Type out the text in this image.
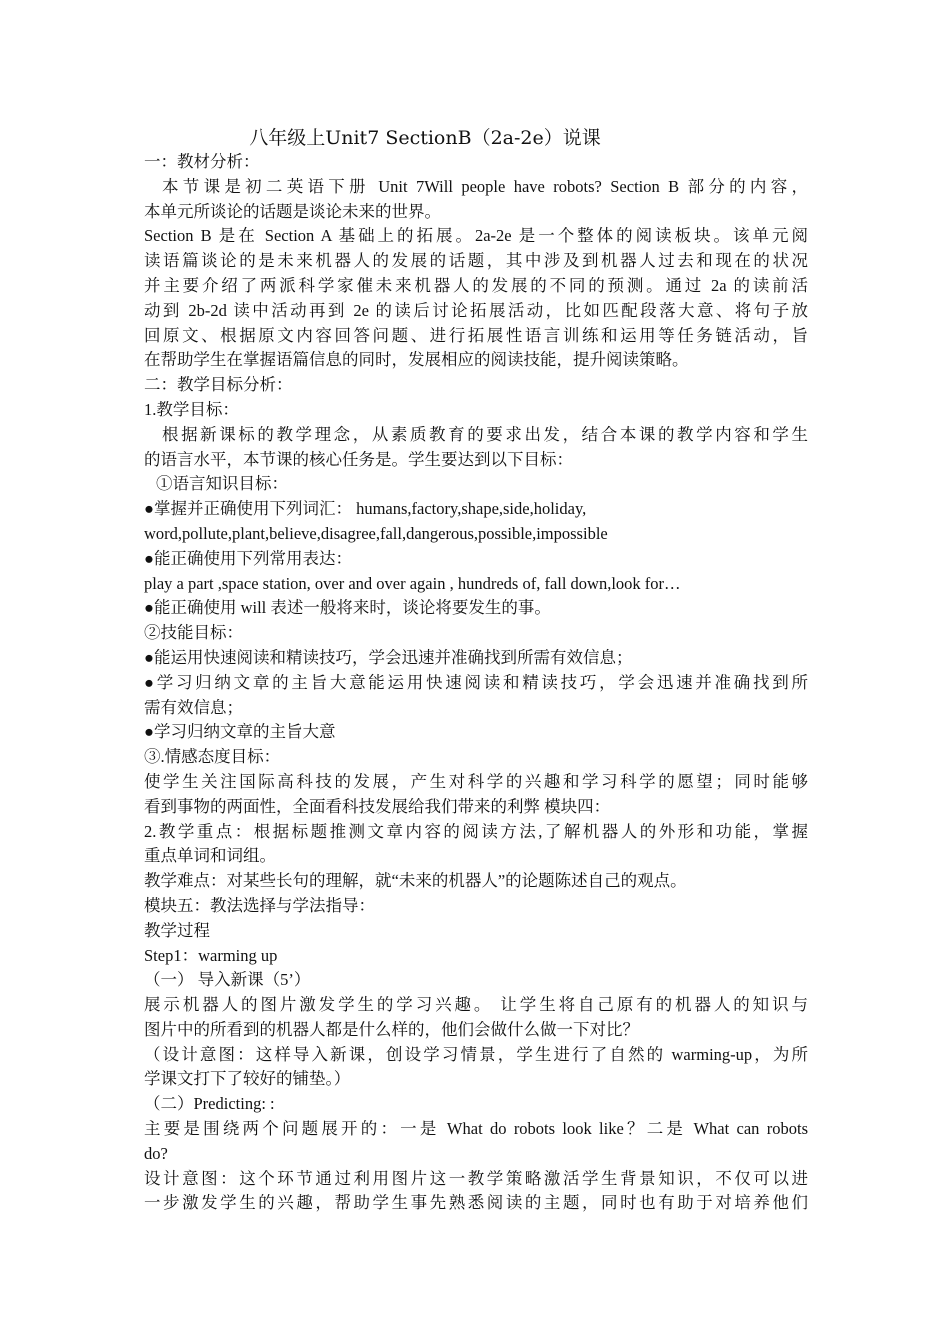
八年级上Unit7 SectionB（2a-2e）说课
一：教材分析：
本节课是初二英语下册 Unit 7Will people have robots? Section B 部分的内容，
本单元所谈论的话题是谈论未来的世界。
Section B 是在 Section A 基础上的拓展。2a-2e 是一个整体的阅读板块。该单元阅
读语篇谈论的是未来机器人的发展的话题，其中涉及到机器人过去和现在的状况
并主要介绍了两派科学家催未来机器人的发展的不同的预测。通过 2a 的读前活
动到 2b-2d 读中活动再到 2e 的读后讨论拓展活动，比如匹配段落大意、将句子放
回原文、根据原文内容回答问题、进行拓展性语言训练和运用等任务链活动，旨
在帮助学生在掌握语篇信息的同时，发展相应的阅读技能，提升阅读策略。
二：教学目标分析：
1.教学目标：
根据新课标的教学理念，从素质教育的要求出发，结合本课的教学内容和学生
的语言水平，本节课的核心任务是。学生要达到以下目标：
①语言知识目标：
●掌握并正确使用下列词汇： humans,factory,shape,side,holiday,
word,pollute,plant,believe,disagree,fall,dangerous,possible,impossible
●能正确使用下列常用表达：
play a part ,space station, over and over again , hundreds of, fall down,look for…
●能正确使用 will 表述一般将来时，谈论将要发生的事。
②技能目标：
●能运用快速阅读和精读技巧，学会迅速并准确找到所需有效信息；
●学习归纳文章的主旨大意能运用快速阅读和精读技巧，学会迅速并准确找到所
需有效信息；
●学习归纳文章的主旨大意
③.情感态度目标：
使学生关注国际高科技的发展，产生对科学的兴趣和学习科学的愿望；同时能够
看到事物的两面性，全面看科技发展给我们带来的利弊 模块四：
2.教学重点：根据标题推测文章内容的阅读方法,了解机器人的外形和功能，掌握
重点单词和词组。
教学难点：对某些长句的理解，就“未来的机器人”的论题陈述自己的观点。
模块五：教法选择与学法指导：
教学过程
Step1：warming up
（一） 导入新课（5’）
展示机器人的图片激发学生的学习兴趣。 让学生将自己原有的机器人的知识与
图片中的所看到的机器人都是什么样的，他们会做什么做一下对比？
（设计意图：这样导入新课，创设学习情景，学生进行了自然的 warming-up，为所
学课文打下了较好的铺垫。）
（二）Predicting: :
主要是围绕两个问题展开的：一是 What do robots look like？二是 What can robots
do?
设计意图：这个环节通过利用图片这一教学策略激活学生背景知识，不仅可以进
一步激发学生的兴趣，帮助学生事先熟悉阅读的主题，同时也有助于对培养他们
